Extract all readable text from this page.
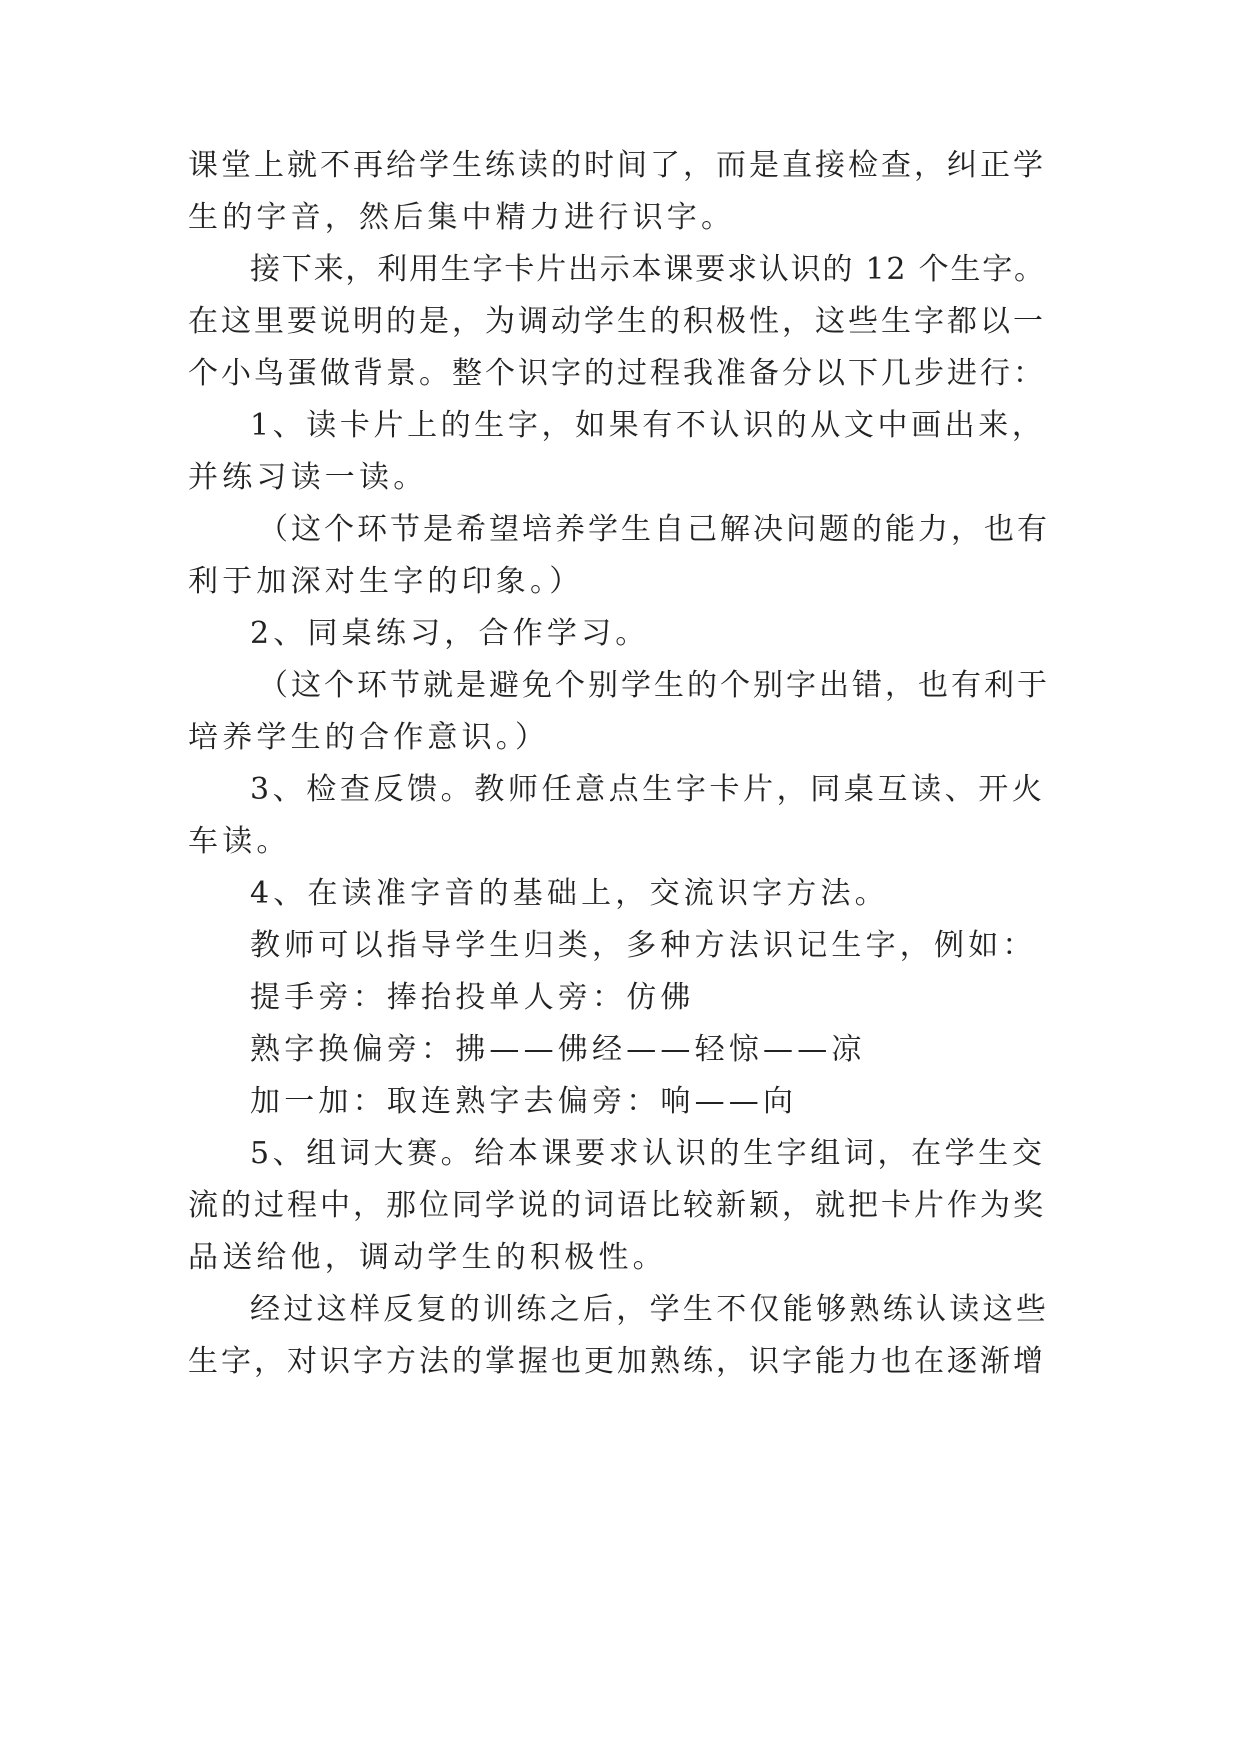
课堂上就不再给学生练读的时间了，而是直接检查，纠正学

生的字音，然后集中精力进行识字。

接下来，利用生字卡片出示本课要求认识的 12 个生字。

在这里要说明的是，为调动学生的积极性，这些生字都以一

个小鸟蛋做背景。整个识字的过程我准备分以下几步进行：

1、读卡片上的生字，如果有不认识的从文中画出来，

并练习读一读。

（这个环节是希望培养学生自己解决问题的能力，也有

利于加深对生字的印象。）

2、同桌练习，合作学习。

（这个环节就是避免个别学生的个别字出错，也有利于

培养学生的合作意识。）

3、检查反馈。教师任意点生字卡片，同桌互读、开火

车读。

4、在读准字音的基础上，交流识字方法。

教师可以指导学生归类，多种方法识记生字，例如：

提手旁：捧抬投单人旁：仿佛

熟字换偏旁：拂——佛经——轻惊——凉

加一加：取连熟字去偏旁：响——向

5、组词大赛。给本课要求认识的生字组词，在学生交

流的过程中，那位同学说的词语比较新颖，就把卡片作为奖

品送给他，调动学生的积极性。

经过这样反复的训练之后，学生不仅能够熟练认读这些

生字，对识字方法的掌握也更加熟练，识字能力也在逐渐增
